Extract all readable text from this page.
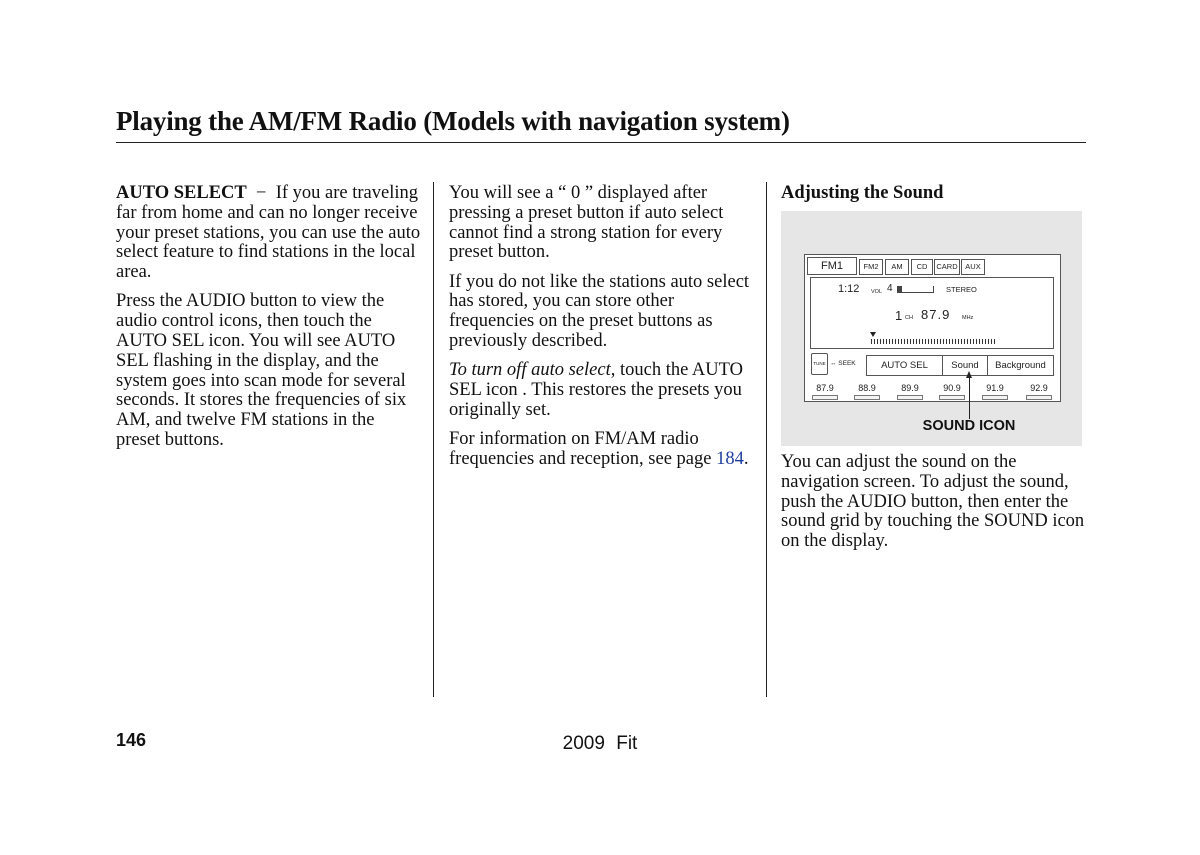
Playing the AM/FM Radio (Models with navigation system)

AUTO SELECT  −  If you are traveling far from home and can no longer receive your preset stations, you can use the auto select feature to find stations in the local area.

Press the AUDIO button to view the audio control icons, then touch the AUTO SEL icon. You will see AUTO SEL flashing in the display, and the system goes into scan mode for several seconds. It stores the frequencies of six AM, and twelve FM stations in the preset buttons.

You will see a “ 0 ” displayed after pressing a preset button if auto select cannot find a strong station for every preset button.

If you do not like the stations auto select has stored, you can store other frequencies on the preset buttons as previously described.

To turn off auto select, touch the AUTO SEL icon . This restores the presets you originally set.

For information on FM/AM radio frequencies and reception, see page 184.

Adjusting the Sound

FM1	FM2	AM	CD	CARD	AUX
1:12 VOL 4	STEREO
1 CH 87.9 MHz
TUNE ↔ SEEK	AUTO SEL	Sound	Background
87.9	88.9	89.9	90.9	91.9	92.9
SOUND ICON

You can adjust the sound on the navigation screen. To adjust the sound, push the AUDIO button, then enter the sound grid by touching the SOUND icon on the display.

146	2009 Fit
